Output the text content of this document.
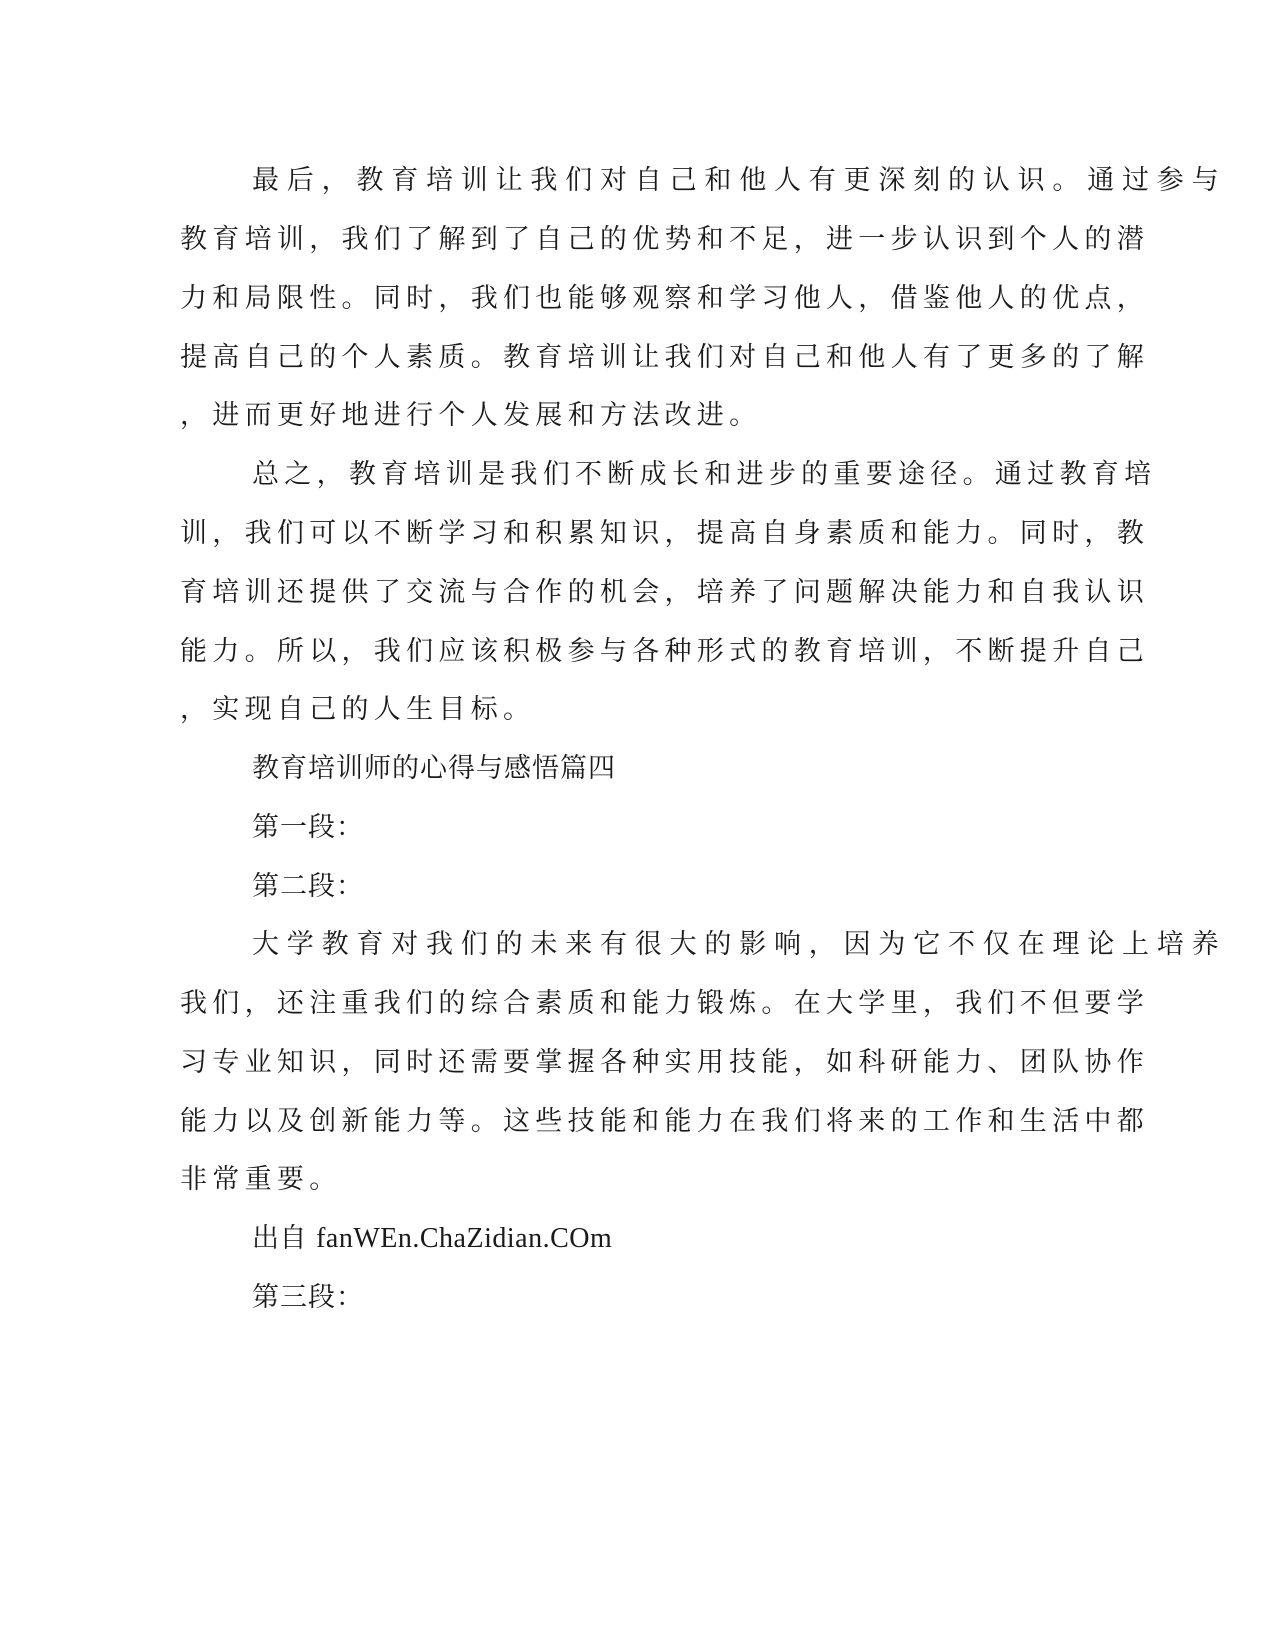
最后，教育培训让我们对自己和他人有更深刻的认识。通过参与

教育培训，我们了解到了自己的优势和不足，进一步认识到个人的潜

力和局限性。同时，我们也能够观察和学习他人，借鉴他人的优点，

提高自己的个人素质。教育培训让我们对自己和他人有了更多的了解

，进而更好地进行个人发展和方法改进。

总之，教育培训是我们不断成长和进步的重要途径。通过教育培

训，我们可以不断学习和积累知识，提高自身素质和能力。同时，教

育培训还提供了交流与合作的机会，培养了问题解决能力和自我认识

能力。所以，我们应该积极参与各种形式的教育培训，不断提升自己

，实现自己的人生目标。

教育培训师的心得与感悟篇四

第一段：

第二段：

大学教育对我们的未来有很大的影响，因为它不仅在理论上培养

我们，还注重我们的综合素质和能力锻炼。在大学里，我们不但要学

习专业知识，同时还需要掌握各种实用技能，如科研能力、团队协作

能力以及创新能力等。这些技能和能力在我们将来的工作和生活中都

非常重要。

出自 fanWEn.ChaZidian.COm

第三段：
